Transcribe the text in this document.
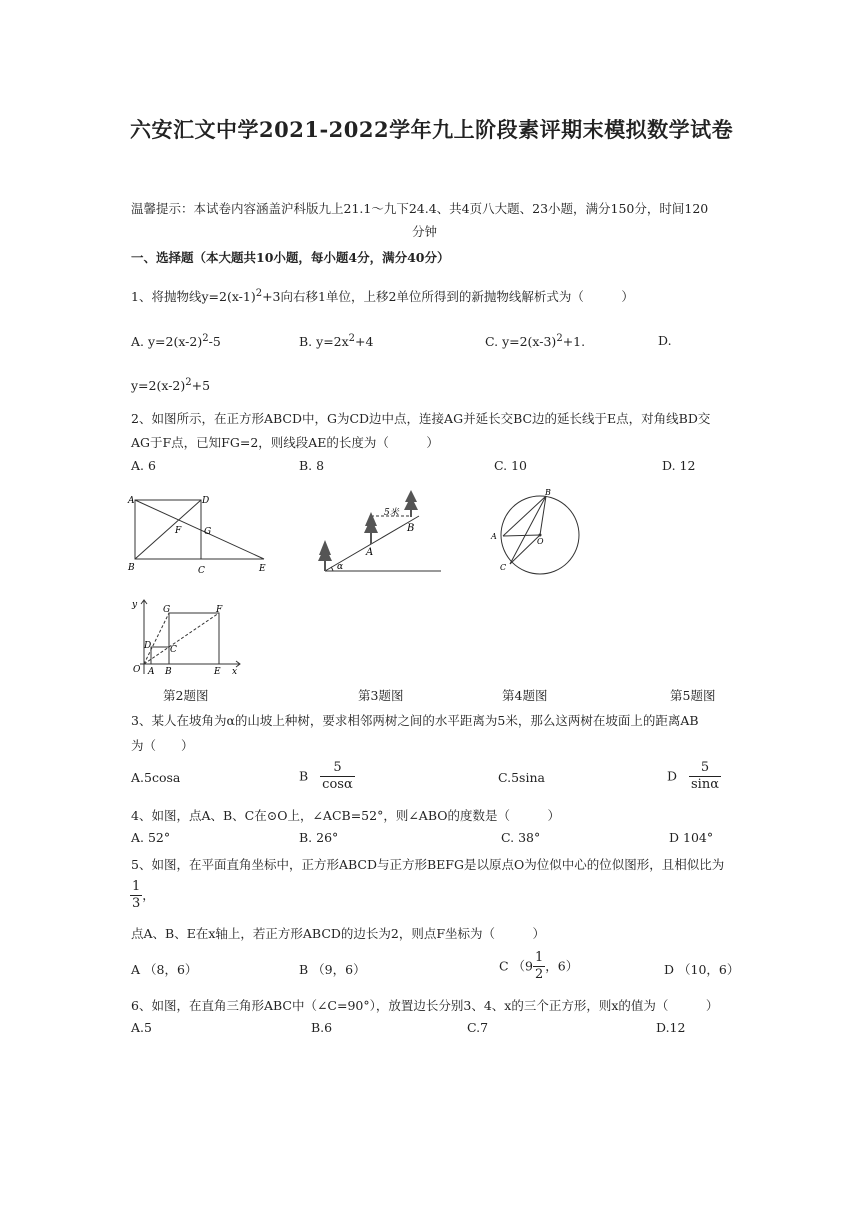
六安汇文中学2021-2022学年九上阶段素评期末模拟数学试卷
温馨提示：本试卷内容涵盖沪科版九上21.1～九下24.4、共4页八大题、23小题，满分150分，时间120
分钟
一、选择题（本大题共10小题，每小题4分，满分40分）
1、将抛物线$y=2(x-1)^2+3$向右移1单位，上移2单位所得到的新抛物线解析式为（　　　）
A. $y=2(x-2)^2-5$	B. $y=2x^2+4$	C. $y=2(x-3)^2+1$.	D.
$y=2(x-2)^2+5$
2、如图所示，在正方形ABCD中，G为CD边中点，连接AG并延长交BC边的延长线于E点，对角线BD交
AG于F点，已知FG=2，则线段AE的长度为（　　　）
A. 6	B. 8	C. 10	D. 12
A	D
F	G
B	C	E
5米
A
B
α
B
A
O
C
y	G	F
D C
O A B	E x
第2题图	第3题图	第4题图	第5题图
3、某人在坡角为α的山坡上种树，要求相邻两树之间的水平距离为5米，那么这两树在坡面上的距离AB
为（　　）
A.5cosa	B $\frac{5}{\cos\alpha}$	C.5sina	D $\frac{5}{\sin\alpha}$
4、如图，点A、B、C在⊙O上，∠ACB=52°，则∠ABO的度数是（　　　）
A. 52°	B. 26°	C. 38°	D 104°
5、如图，在平面直角坐标中，正方形ABCD与正方形BEFG是以原点O为位似中心的位似图形，且相似比为
$\frac{1}{3}$ ，
点A、B、E在x轴上，若正方形ABCD的边长为2，则点F坐标为（　　　）
A （8，6）	B （9，6）	C （$9 \frac{1}{2}$ ，6）	D （10，6）
6、如图，在直角三角形ABC中（∠C=90°），放置边长分别3、4、x的三个正方形，则x的值为（　　　）
A.5	B.6	C.7	D.12
